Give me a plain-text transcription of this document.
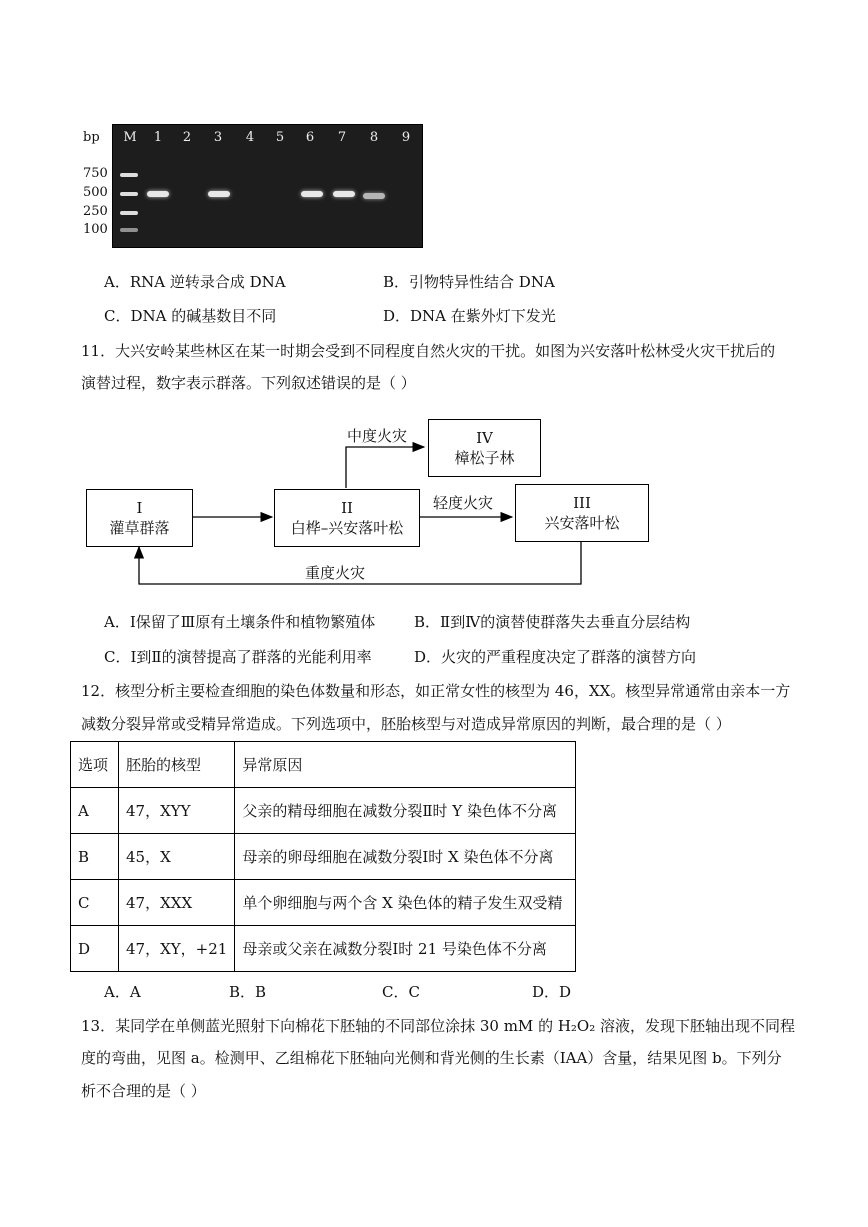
bp
750
500
250
100
M	1	2	3	4	5	6	7	8	9
A．RNA 逆转录合成 DNA	B．引物特异性结合 DNA
C．DNA 的碱基数目不同	D．DNA 在紫外灯下发光
11．大兴安岭某些林区在某一时期会受到不同程度自然火灾的干扰。如图为兴安落叶松林受火灾干扰后的
演替过程，数字表示群落。下列叙述错误的是（ ）
I
灌草群落
II
白桦–兴安落叶松
III
兴安落叶松
IV
樟松子林
中度火灾
轻度火灾
重度火灾
A．Ⅰ保留了Ⅲ原有土壤条件和植物繁殖体	B．Ⅱ到Ⅳ的演替使群落失去垂直分层结构
C．Ⅰ到Ⅱ的演替提高了群落的光能利用率	D．火灾的严重程度决定了群落的演替方向
12．核型分析主要检查细胞的染色体数量和形态，如正常女性的核型为 46，XX。核型异常通常由亲本一方
减数分裂异常或受精异常造成。下列选项中，胚胎核型与对造成异常原因的判断，最合理的是（ ）
选项	胚胎的核型	异常原因
A	47，XYY	父亲的精母细胞在减数分裂Ⅱ时 Y 染色体不分离
B	45，X	母亲的卵母细胞在减数分裂Ⅰ时 X 染色体不分离
C	47，XXX	单个卵细胞与两个含 X 染色体的精子发生双受精
D	47，XY，+21	母亲或父亲在减数分裂Ⅰ时 21 号染色体不分离
A．A	B．B	C．C	D．D
13．某同学在单侧蓝光照射下向棉花下胚轴的不同部位涂抹 30 mM 的 H₂O₂ 溶液，发现下胚轴出现不同程
度的弯曲，见图 a。检测甲、乙组棉花下胚轴向光侧和背光侧的生长素（IAA）含量，结果见图 b。下列分
析不合理的是（ ）
